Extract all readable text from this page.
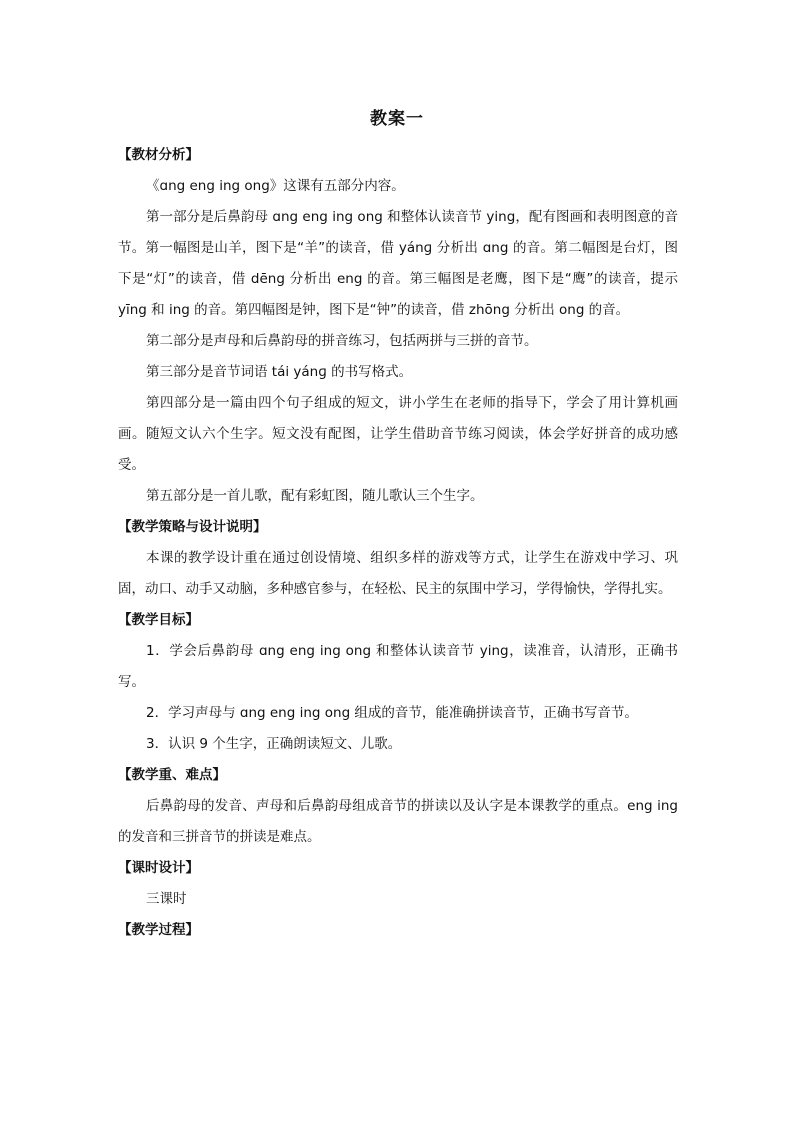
教案一

【教材分析】

《ɑng eng ing ong》这课有五部分内容。

第一部分是后鼻韵母 ɑng eng ing ong 和整体认读音节 ying，配有图画和表明图意的音节。第一幅图是山羊，图下是“羊”的读音，借 yánɡ 分析出 ɑng 的音。第二幅图是台灯，图下是“灯”的读音，借 dēng 分析出 eng 的音。第三幅图是老鹰，图下是“鹰”的读音，提示 yīng 和 ing 的音。第四幅图是钟，图下是“钟”的读音，借 zhōng 分析出 ong 的音。

第二部分是声母和后鼻韵母的拼音练习，包括两拼与三拼的音节。

第三部分是音节词语 tái yánɡ 的书写格式。

第四部分是一篇由四个句子组成的短文，讲小学生在老师的指导下，学会了用计算机画画。随短文认六个生字。短文没有配图，让学生借助音节练习阅读，体会学好拼音的成功感受。

第五部分是一首儿歌，配有彩虹图，随儿歌认三个生字。

【教学策略与设计说明】

本课的教学设计重在通过创设情境、组织多样的游戏等方式，让学生在游戏中学习、巩固，动口、动手又动脑，多种感官参与，在轻松、民主的氛围中学习，学得愉快，学得扎实。

【教学目标】

1．学会后鼻韵母 ɑng eng ing ong 和整体认读音节 ying，读准音，认清形，正确书写。

2．学习声母与 ɑng eng ing ong 组成的音节，能准确拼读音节，正确书写音节。

3．认识 9 个生字，正确朗读短文、儿歌。

【教学重、难点】

后鼻韵母的发音、声母和后鼻韵母组成音节的拼读以及认字是本课教学的重点。eng ing 的发音和三拼音节的拼读是难点。

【课时设计】

三课时

【教学过程】
